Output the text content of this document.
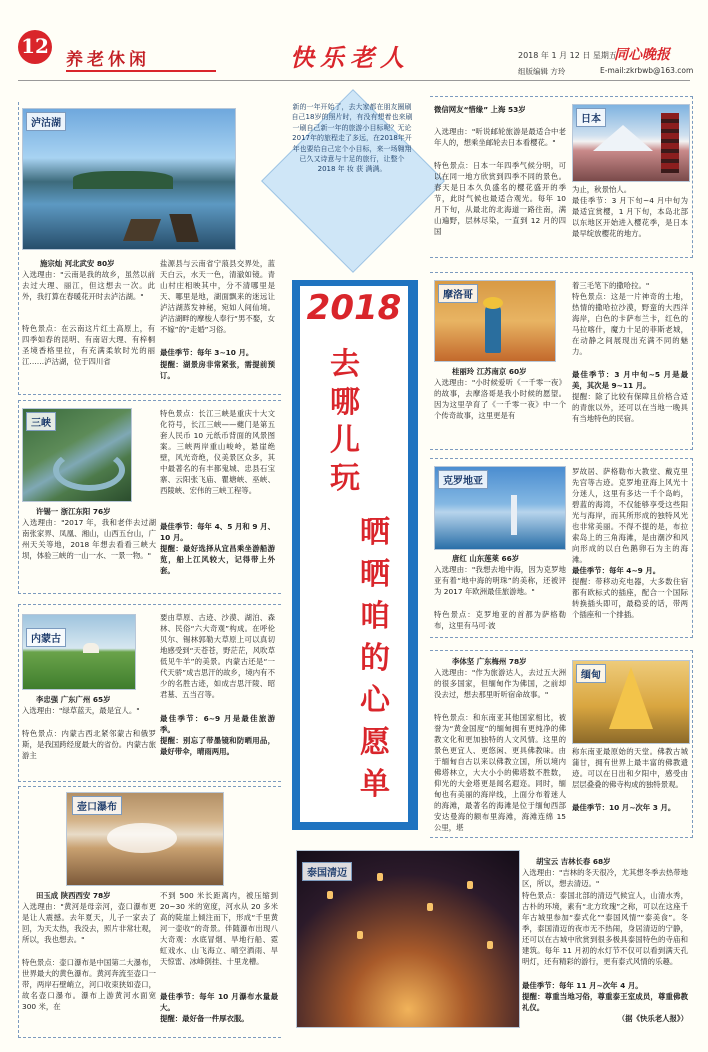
12
养老休闲	快乐老人	2018 年 1 月 12 日 星期五
同心晚报
组版编辑 方玲	E-mail:zkrbwb@163.com
泸沽湖
施宗灿 河北武安 80岁
入选理由："云南是我的故乡，虽然以前去过大理、丽江，但这想去一次。此外，我打算在春暖花开时去泸沽湖。"
特色景点：在云南这片红土高原上，有四季如春的昆明、有南诏大理、有梓桐圣境香格里拉，有充满柔软时光的丽江……泸沽湖，位于四川省
盐源县与云南省宁蒗县交界处，蓝天白云，水天一色，清澈如镜。青山村庄相映其中，分不清哪里是天、哪里是地，湖面飘来的迷远让泸沽湖蒸发神秘，宛如人间仙境。泸沽湖畔的摩梭人奉行“男不娶，女不嫁”的“走婚”习俗。
最佳季节：每年 3~10 月。
提醒：湖景房非常紧张，需提前预订。
新的一年开始了，去大家都在朋友圈刷自己18岁的照片时，有没有想着也来刷一刷自己新一年的旅游小目标呢？无论2017年的旅程走了多远，在2018年开年也要给自己定个小目标，来一场翱翔已久又诗意与十足的旅行，让整个 2018 年 妆 获 满满。
2018
去
哪
儿
玩
晒
晒
咱
的
心
愿
单
三峡
许锡一 浙江东阳 76岁
入选理由："2017 年，我和老伴去过湖南张家界、凤凰、湘山，山西五台山，广州天关等地，2018 年想去看看三峡大坝，体验三峡的一山一水、一景一物。"
特色景点：长江三峡是重庆十大文化符号，长江三峡——夔门是第五套人民币 10 元纸币背面的风景图案。三峡两岸重山峻岭，悬崖绝壁，风光奇绝，仪美景区众多，其中最著名的有丰都鬼城、忠县石宝寨、云阳张飞庙、瞿塘峡、巫峡、西陵峡、宏伟的三峡工程等。
最佳季节：每年 4、5 月和 9 月、10 月。
提醒：最好选择从宜昌乘坐游船游览，船上江风较大，记得带上外套。
内蒙古
李忠强 广东广州 65岁
入选理由："绿草蓝天，最是宜人。"
特色景点：内蒙古西北紧邻蒙古和俄罗斯，是我国跨经度最大的省份。内蒙古旅游主
要由草原、古迹、沙漠、湖泊、森林、民俗“六大奇观”构成。在呼伦贝尔、锡林郭勒大草原上可以真切地感受到“天苍苍，野茫茫，风吹草低见牛羊”的美景。内蒙古还是“一代天骄”成吉思汗的故乡，境内有不少的名胜古迹，如成吉思汗陵、昭君墓、五当召等。
最佳季节：6~9 月是最佳旅游季。
提醒：别忘了带墨镜和防晒用品，最好带伞，晴雨两用。
壶口瀑布
田玉成 陕西西安 78岁
入选理由："黄河是母亲河，壶口瀑布更是让人震撼。去年夏天，儿子一家去了回，为天太热，我没去，照片非常壮观，所以，我也想去。"
特色景点：壶口瀑布是中国第二大瀑布，世界最大的黄色瀑布。黄河奔流至壶口一带，两岸石壁峭立，河口收束狭如壶口，故名壶口瀑布。瀑布上游黄河水面宽 300 米，在
不到 500 米长距离内，被压缩到 20~30 米的宽度，河水从 20 多米高的陡崖上倾注而下，形成“千里黄河一壶收”的奇景。伴随瀑布出现八大奇观：水底冒烟、旱地行船、霓虹戏水、山飞海立、晴空洒雨、旱天惊雷、冰峰倒挂、十里龙槽。
最佳季节：每年 10 月瀑布水量最大。
提醒：最好备一件厚衣服。
微信网友“惜缘” 上海 53岁
入选理由："听说邮轮旅游是最适合中老年人的，想乘坐邮轮去日本看樱花。"
特色景点：日本一年四季气候分明，可以在同一地方欣赏到四季不同的景色。春天是日本久负盛名的樱花盛开的季节，此时气候也最适合观光。每年 10 月下旬，从最北的北海道一路往南，满山遍野，层林尽染，一直到 12 月的四国
日本
为止，秋景怡人。
最佳季节：3 月下旬~4 月中旬为最适宜赏樱，1 月下旬，本岛北部以东地区开始进入樱花季，是日本最早绽放樱花的地方。
摩洛哥
桂丽玲 江苏南京 60岁
入选理由："小时候爱听《一千零一夜》的故事，去摩洛哥是我小时候的愿望。因为这里孕育了《一千零一夜》中一个个传奇故事，这里更是有
着三毛笔下的撒哈拉。"
特色景点：这是一片神奇的土地，热情的撒哈拉沙漠，野蛮的大西洋海岸，白色的卡萨布兰卡，红色的马拉喀什，魔力十足的菲斯老城，在动静之间展现出充满不同的魅力。
最佳季节：3 月中旬~5 月是最美，其次是 9~11 月。
提醒：除了比较有保障且价格合适的青旅以外，还可以在当地一晚具有当地特色的民宿。
克罗地亚
唐红 山东莲莱 66岁
入选理由："我想去地中海，因为克罗地亚有着“地中海的明珠”的美称，还被评为 2017 年欧洲最佳旅游地。"
特色景点：克罗地亚的首都为萨格勒布，这里有马可·波
罗故居、萨格勒布大教堂、戴克里先宫等古迹。克罗地亚海上风光十分迷人，这里有多达一千个岛屿，碧蓝的海湾，不仅能够享受这些阳光与海岸，而其所形成的独特风光也非常美丽。不得不提的是，布拉索岛上的三角海滩，是由潮汐和风向形成的以白色鹅卵石为主的海滩。
最佳季节：每年 4~9 月。
提醒：带移动充电器，大多数住宿都有欧标式的插座，配合一个国际转换插头即可，最稳妥的话，带两个插座和一个排插。
李体坚 广东梅州 78岁
入选理由："作为旅游达人，去过五大洲的很多国家，但缅甸作为佛国，之前却没去过，想去那里听听宿命故事。"
特色景点：和东南亚其他国家相比，被誉为“黄金国度”的缅甸拥有更纯净的佛教文化和更加独特的人文风情。这里的景色更宜人、更悠闲、更具佛教味。由于缅甸自古以来以佛教立国，所以境内佛塔林立，大大小小的佛塔数不胜数，仰光的大金塔更是闻名遐迩。同时，缅甸也有美丽的海岸线，上面分布着迷人的海滩，最著名的海滩是位于缅甸西部安达曼海的额布里海滩，海滩连绵 15 公里，堪
缅甸
称东南亚最原始的天堂。佛教古城蒲甘，拥有世界上最丰富的佛教遗迹。可以在日出和夕阳中，感受由层层叠叠的佛寺构成的独特景观。
最佳季节：10 月~次年 3 月。
泰国清迈
胡宝云 吉林长春 68岁
入选理由："吉林的冬天很冷，尤其想冬季去热带地区，所以，想去清迈。"
特色景点：泰国北部的清迈气候宜人，山清水秀，古朴的环境，素有“北方玫瑰”之称，可以在这座千年古城里参加“泰式化”“泰国风情”“泰美食”。冬季，泰国清迈的夜市无不热闹，身居清迈的宁静，还可以在古城中欣赏到很多极具泰国特色的寺庙和建筑。每年 11 月初的水灯节不仅可以看到满天孔明灯，还有精彩的游行，更有泰式风情的乐趣。
最佳季节：每年 11 月~次年 4 月。
提醒：尊重当地习俗，尊重泰王室成员，尊重佛教礼仪。
（据《快乐老人报》）
